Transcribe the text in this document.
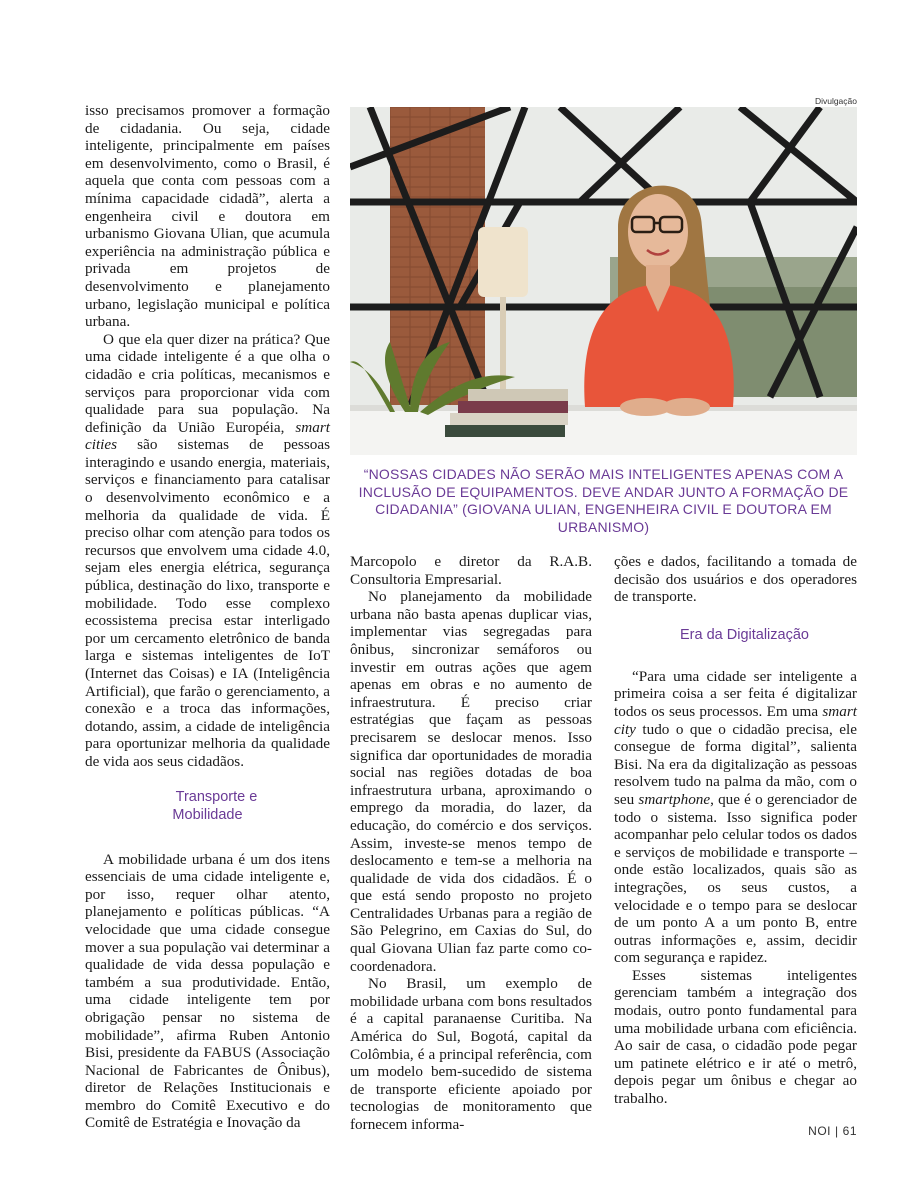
Divulgação
“NOSSAS CIDADES NÃO SERÃO MAIS INTELIGENTES APENAS COM A INCLUSÃO DE EQUIPAMENTOS. DEVE ANDAR JUNTO A FORMAÇÃO DE CIDADANIA” (GIOVANA ULIAN, ENGENHEIRA CIVIL E DOUTORA EM URBANISMO)

isso precisamos promover a formação de cidadania. Ou seja, cidade inteligente, principalmente em países em desenvolvimento, como o Brasil, é aquela que conta com pessoas com a mínima capacidade cidadã”, alerta a engenheira civil e doutora em urbanismo Giovana Ulian, que acumula experiência na administração pública e privada em projetos de desenvolvimento e planejamento urbano, legislação municipal e política urbana.

O que ela quer dizer na prática? Que uma cidade inteligente é a que olha o cidadão e cria políticas, mecanismos e serviços para proporcionar vida com qualidade para sua população. Na definição da União Européia, smart cities são sistemas de pessoas interagindo e usando energia, materiais, serviços e financiamento para catalisar o desenvolvimento econômico e a melhoria da qualidade de vida. É preciso olhar com atenção para todos os recursos que envolvem uma cidade 4.0, sejam eles energia elétrica, segurança pública, destinação do lixo, transporte e mobilidade. Todo esse complexo ecossistema precisa estar interligado por um cercamento eletrônico de banda larga e sistemas inteligentes de IoT (Internet das Coisas) e IA (Inteligência Artificial), que farão o gerenciamento, a conexão e a troca das informações, dotando, assim, a cidade de inteligência para oportunizar melhoria da qualidade de vida aos seus cidadãos.

Transporte e
Mobilidade

A mobilidade urbana é um dos itens essenciais de uma cidade inteligente e, por isso, requer olhar atento, planejamento e políticas públicas. “A velocidade que uma cidade consegue mover a sua população vai determinar a qualidade de vida dessa população e também a sua produtividade. Então, uma cidade inteligente tem por obrigação pensar no sistema de mobilidade”, afirma Ruben Antonio Bisi, presidente da FABUS (Associação Nacional de Fabricantes de Ônibus), diretor de Relações Institucionais e membro do Comitê Executivo e do Comitê de Estratégia e Inovação da

Marcopolo e diretor da R.A.B. Consultoria Empresarial.

No planejamento da mobilidade urbana não basta apenas duplicar vias, implementar vias segregadas para ônibus, sincronizar semáforos ou investir em outras ações que agem apenas em obras e no aumento de infraestrutura. É preciso criar estratégias que façam as pessoas precisarem se deslocar menos. Isso significa dar oportunidades de moradia social nas regiões dotadas de boa infraestrutura urbana, aproximando o emprego da moradia, do lazer, da educação, do comércio e dos serviços. Assim, investe-se menos tempo de deslocamento e tem-se a melhoria na qualidade de vida dos cidadãos. É o que está sendo proposto no projeto Centralidades Urbanas para a região de São Pelegrino, em Caxias do Sul, do qual Giovana Ulian faz parte como co-coordenadora.

No Brasil, um exemplo de mobilidade urbana com bons resultados é a capital paranaense Curitiba. Na América do Sul, Bogotá, capital da Colômbia, é a principal referência, com um modelo bem-sucedido de sistema de transporte eficiente apoiado por tecnologias de monitoramento que fornecem informa-

ções e dados, facilitando a tomada de decisão dos usuários e dos operadores de transporte.

Era da Digitalização

“Para uma cidade ser inteligente a primeira coisa a ser feita é digitalizar todos os seus processos. Em uma smart city tudo o que o cidadão precisa, ele consegue de forma digital”, salienta Bisi. Na era da digitalização as pessoas resolvem tudo na palma da mão, com o seu smartphone, que é o gerenciador de todo o sistema. Isso significa poder acompanhar pelo celular todos os dados e serviços de mobilidade e transporte – onde estão localizados, quais são as integrações, os seus custos, a velocidade e o tempo para se deslocar de um ponto A a um ponto B, entre outras informações e, assim, decidir com segurança e rapidez.

Esses sistemas inteligentes gerenciam também a integração dos modais, outro ponto fundamental para uma mobilidade urbana com eficiência. Ao sair de casa, o cidadão pode pegar um patinete elétrico e ir até o metrô, depois pegar um ônibus e chegar ao trabalho.

NOI | 61
